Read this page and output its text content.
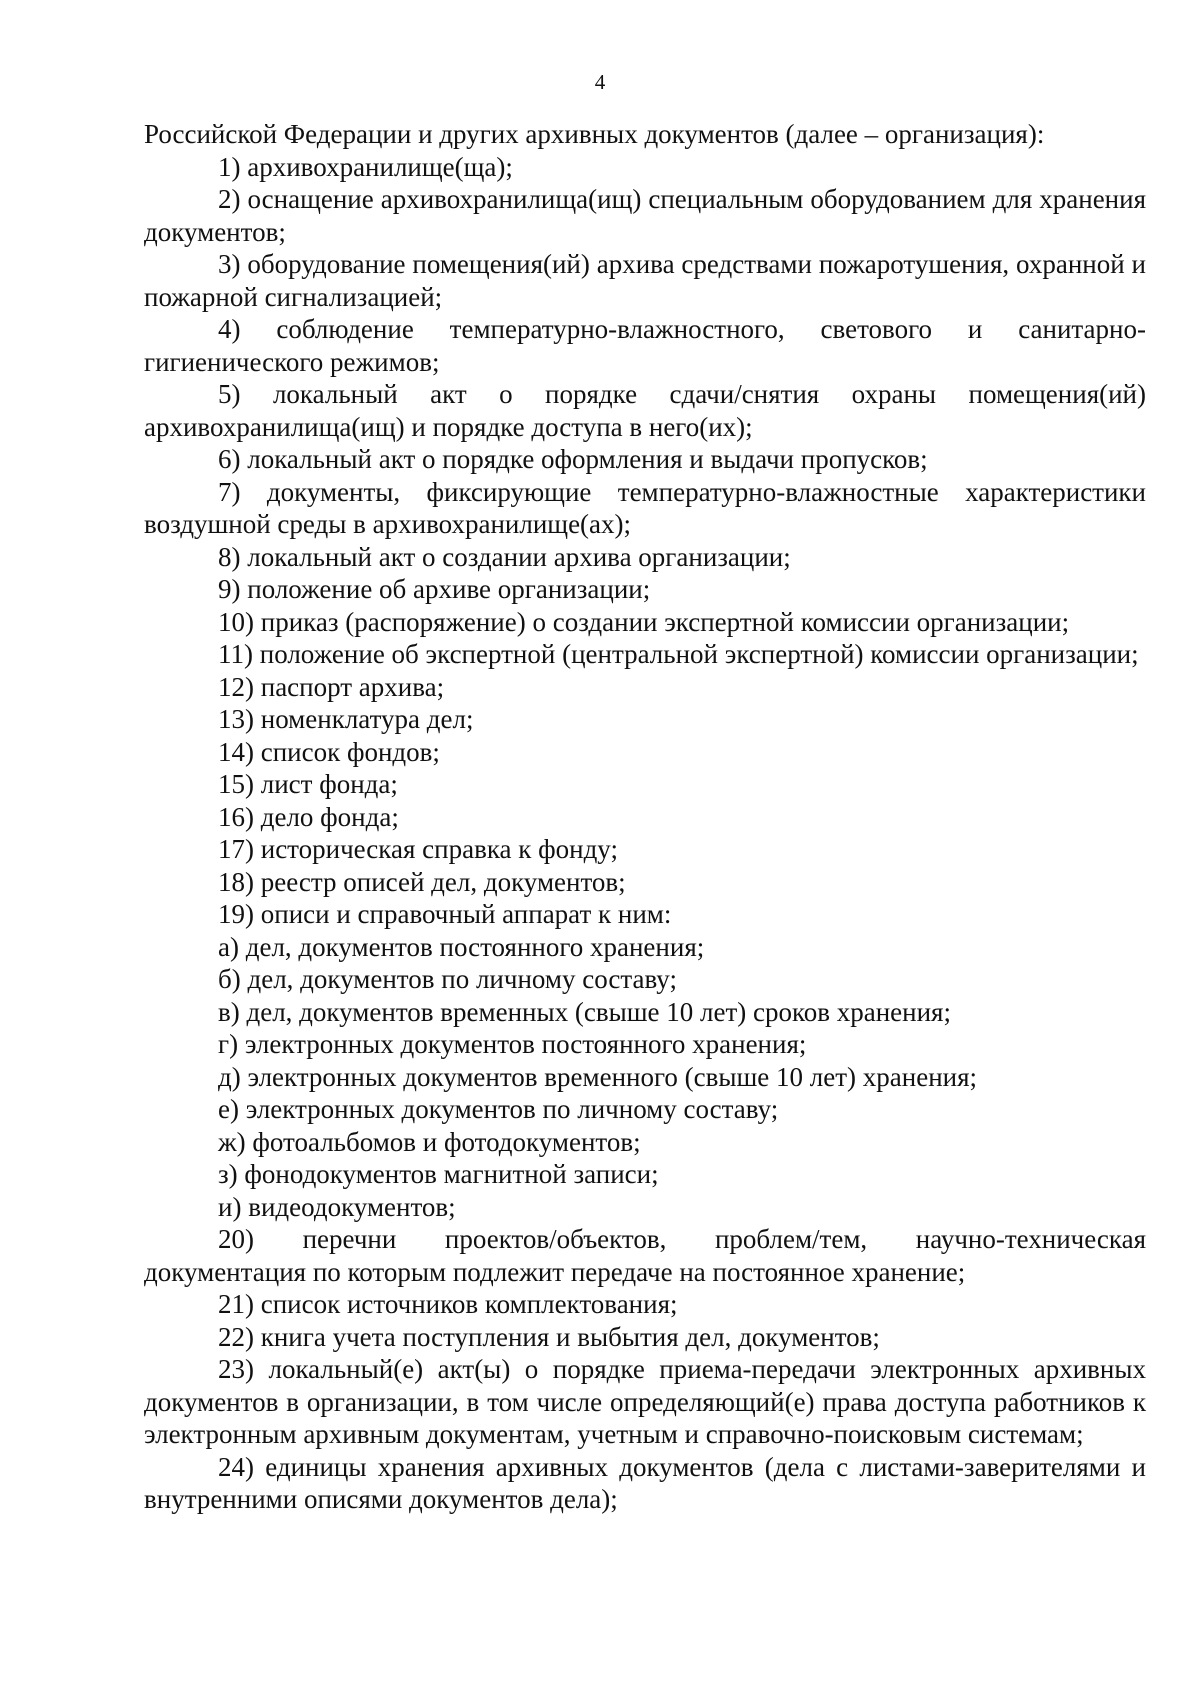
4

Российской Федерации и других архивных документов (далее – организация):

1) архивохранилище(ща);

2) оснащение архивохранилища(ищ) специальным оборудованием для хранения документов;

3) оборудование помещения(ий) архива средствами пожаротушения, охранной и пожарной сигнализацией;

4) соблюдение температурно-влажностного, светового и санитарно-гигиенического режимов;

5) локальный акт о порядке сдачи/снятия охраны помещения(ий) архивохранилища(ищ) и порядке доступа в него(их);

6) локальный акт о порядке оформления и выдачи пропусков;

7) документы, фиксирующие температурно-влажностные характеристики воздушной среды в архивохранилище(ах);

8) локальный акт о создании архива организации;

9) положение об архиве организации;

10) приказ (распоряжение) о создании экспертной комиссии организации;

11) положение об экспертной (центральной экспертной) комиссии организации;

12) паспорт архива;

13) номенклатура дел;

14) список фондов;

15) лист фонда;

16) дело фонда;

17) историческая справка к фонду;

18) реестр описей дел, документов;

19) описи и справочный аппарат к ним:

а) дел, документов постоянного хранения;

б) дел, документов по личному составу;

в) дел, документов временных (свыше 10 лет) сроков хранения;

г) электронных документов постоянного хранения;

д) электронных документов временного (свыше 10 лет) хранения;

е) электронных документов по личному составу;

ж) фотоальбомов и фотодокументов;

з) фонодокументов магнитной записи;

и) видеодокументов;

20) перечни проектов/объектов, проблем/тем, научно-техническая документация по которым подлежит передаче на постоянное хранение;

21) список источников комплектования;

22) книга учета поступления и выбытия дел, документов;

23) локальный(е) акт(ы) о порядке приема-передачи электронных архивных документов в организации, в том числе определяющий(е) права доступа работников к электронным архивным документам, учетным и справочно-поисковым системам;

24) единицы хранения архивных документов (дела с листами-заверителями и внутренними описями документов дела);
